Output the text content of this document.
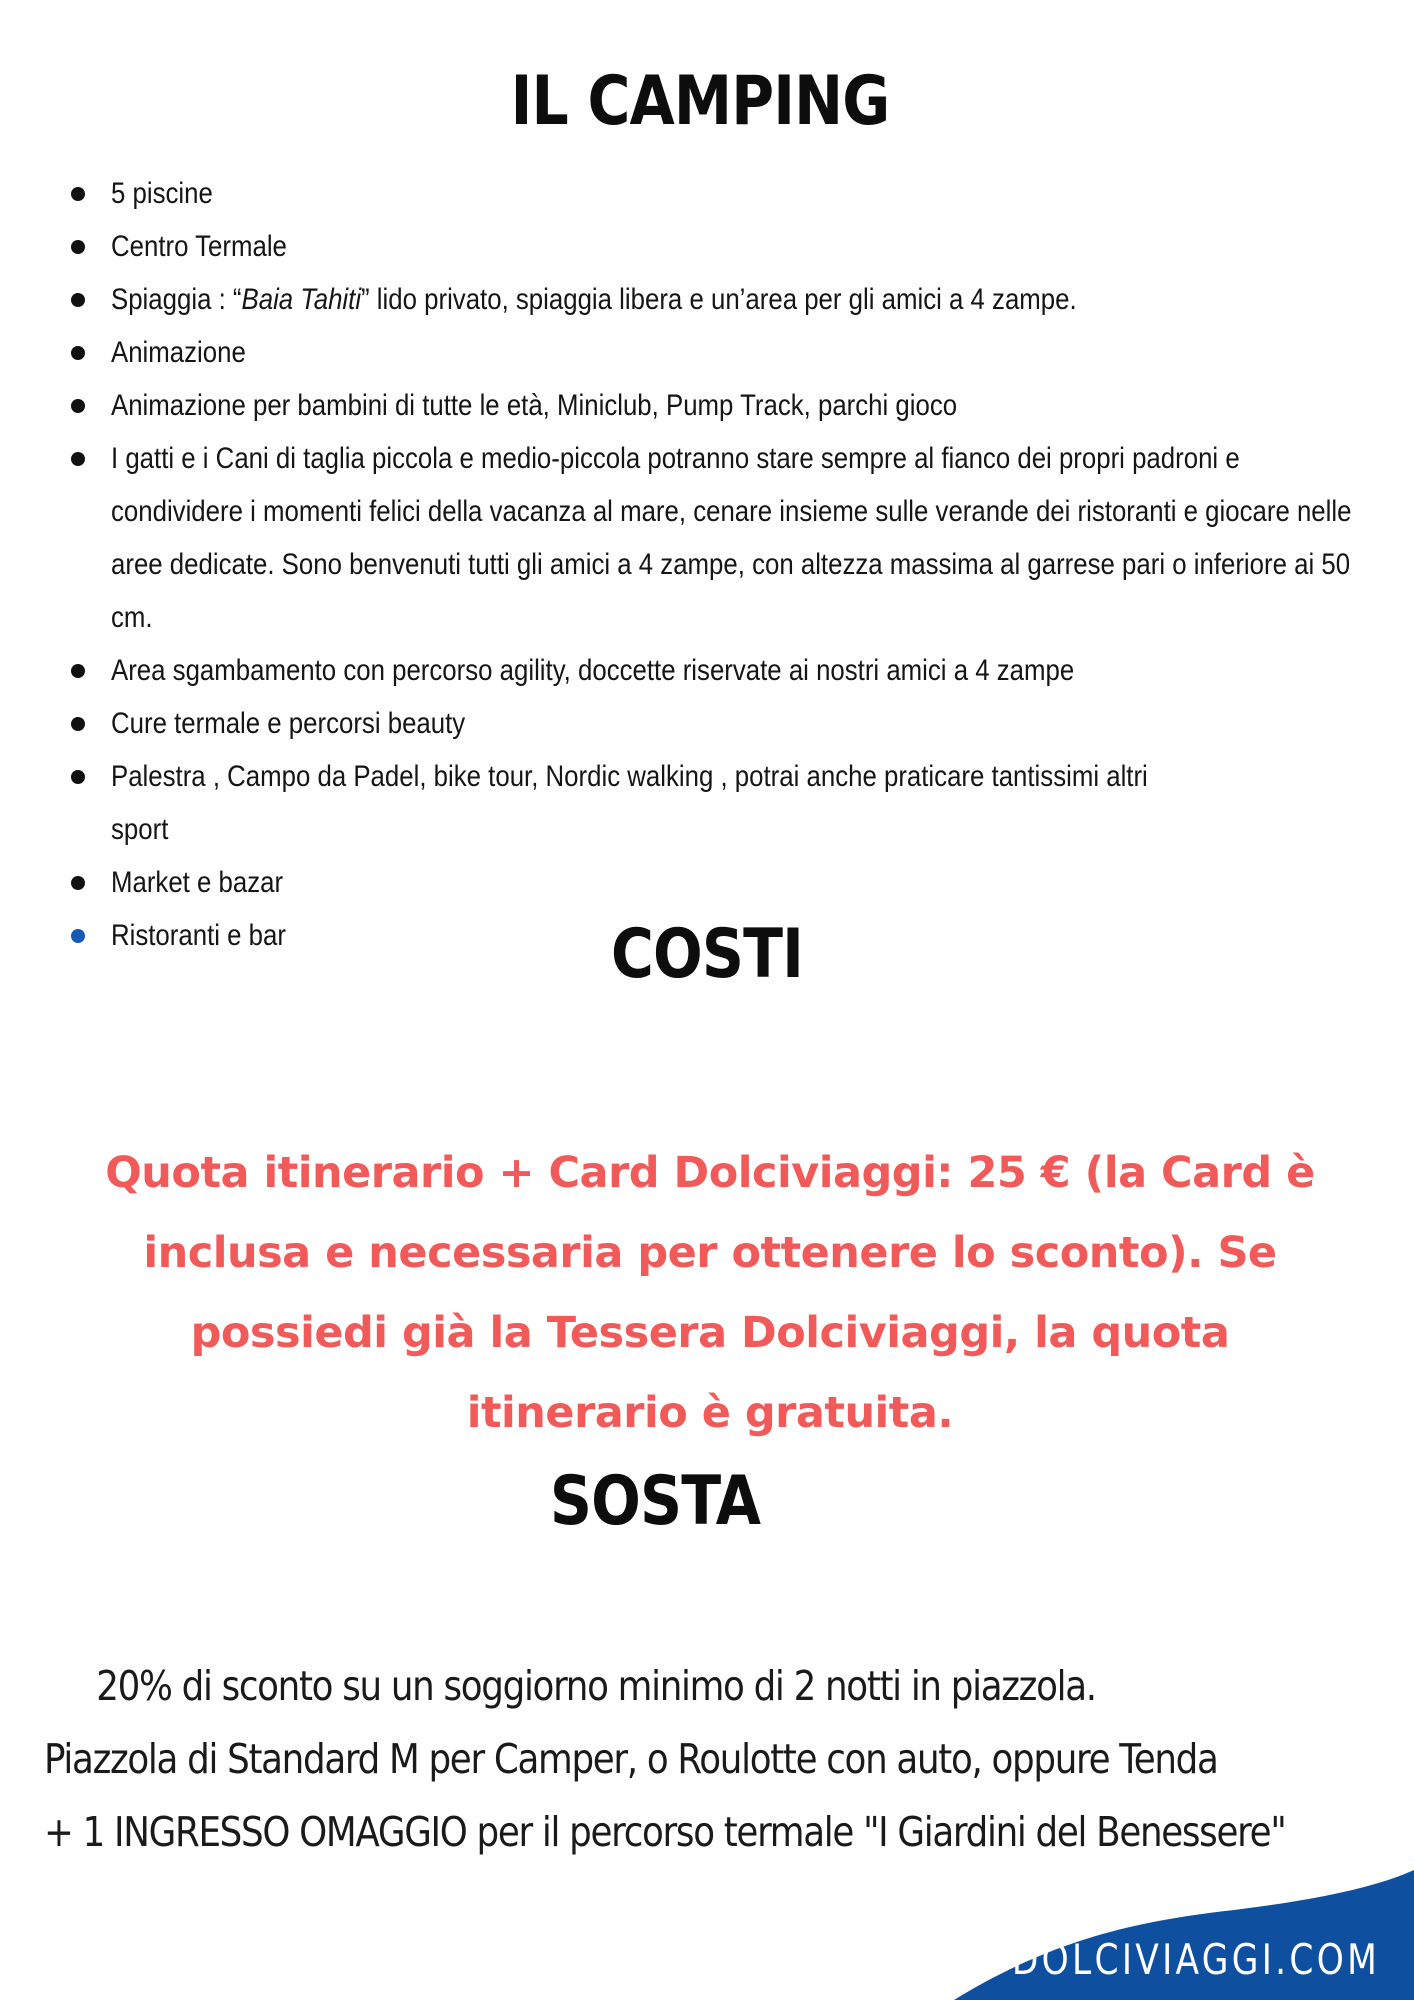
IL CAMPING
5 piscine
Centro Termale
Spiaggia : “Baia Tahiti” lido privato, spiaggia libera e un’area per gli amici a 4 zampe.
Animazione
Animazione per bambini di tutte le età, Miniclub, Pump Track, parchi gioco
I gatti e i Cani di taglia piccola e medio-piccola potranno stare sempre al fianco dei propri padroni e condividere i momenti felici della vacanza al mare, cenare insieme sulle verande dei ristoranti e giocare nelle aree dedicate. Sono benvenuti tutti gli amici a 4 zampe, con altezza massima al garrese pari o inferiore ai 50 cm.
Area sgambamento con percorso agility, doccette riservate ai nostri amici a 4 zampe
Cure termale e percorsi beauty
Palestra , Campo da Padel, bike tour, Nordic walking , potrai anche praticare tantissimi altri sport
Market e bazar
Ristoranti e bar	COSTI

Quota itinerario + Card Dolciviaggi: 25 € (la Card è inclusa e necessaria per ottenere lo sconto). Se possiedi già la Tessera Dolciviaggi, la quota itinerario è gratuita.

SOSTA
20% di sconto su un soggiorno minimo di 2 notti in piazzola.
Piazzola di Standard M per Camper, o Roulotte con auto, oppure Tenda
+ 1 INGRESSO OMAGGIO per il percorso termale "I Giardini del Benessere"
DOLCIVIAGGI.COM
